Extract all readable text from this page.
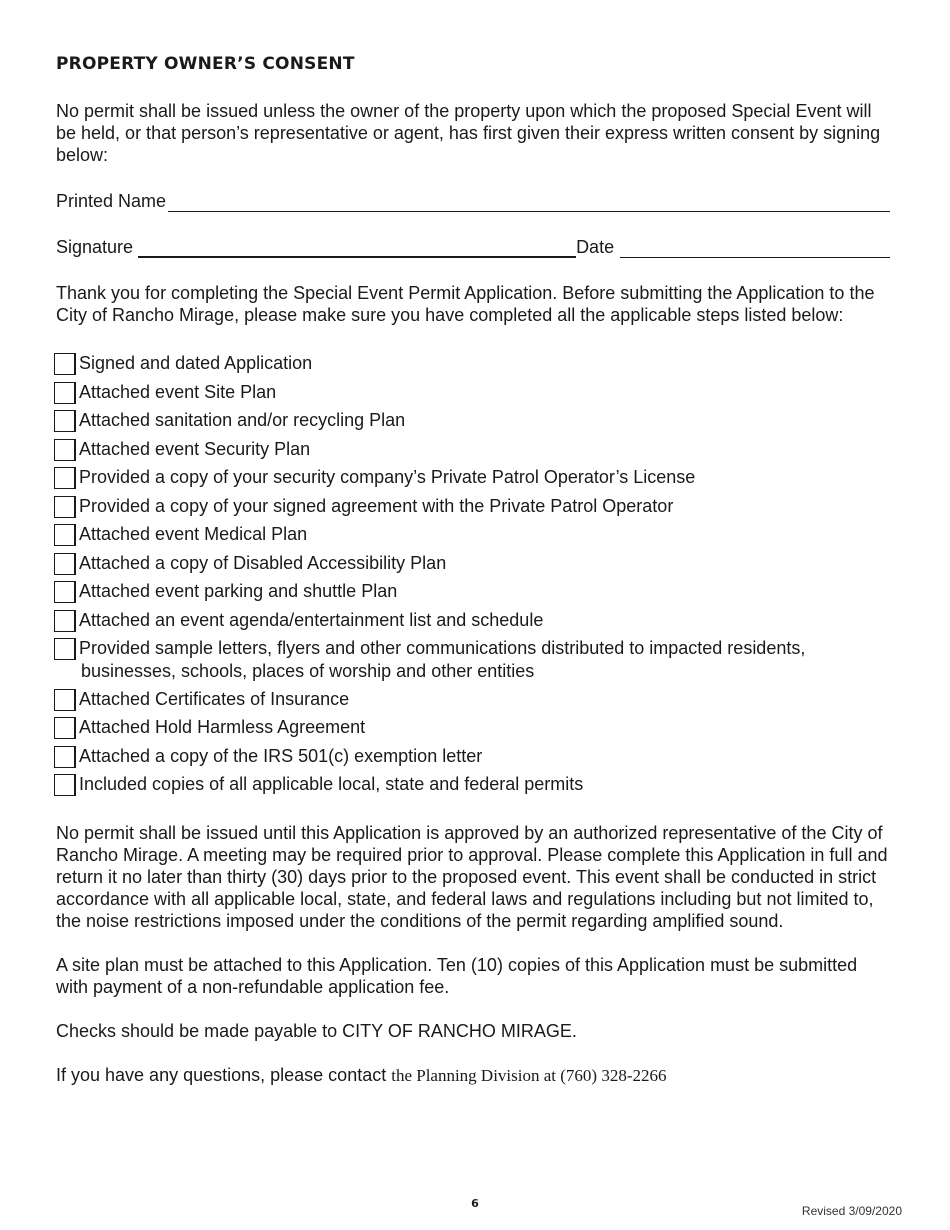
PROPERTY OWNER’S CONSENT

No permit shall be issued unless the owner of the property upon which the proposed Special Event will be held, or that person’s representative or agent, has first given their express written consent by signing below:

Printed Name
Signature	Date

Thank you for completing the Special Event Permit Application. Before submitting the Application to the City of Rancho Mirage, please make sure you have completed all the applicable steps listed below:

Signed and dated Application
Attached event Site Plan
Attached sanitation and/or recycling Plan
Attached event Security Plan
Provided a copy of your security company’s Private Patrol Operator’s License
Provided a copy of your signed agreement with the Private Patrol Operator
Attached event Medical Plan
Attached a copy of Disabled Accessibility Plan
Attached event parking and shuttle Plan
Attached an event agenda/entertainment list and schedule
Provided sample letters, flyers and other communications distributed to impacted residents,
businesses, schools, places of worship and other entities
Attached Certificates of Insurance
Attached Hold Harmless Agreement
Attached a copy of the IRS 501(c) exemption letter
Included copies of all applicable local, state and federal permits

No permit shall be issued until this Application is approved by an authorized representative of the City of Rancho Mirage. A meeting may be required prior to approval. Please complete this Application in full and return it no later than thirty (30) days prior to the proposed event. This event shall be conducted in strict accordance with all applicable local, state, and federal laws and regulations including but not limited to, the noise restrictions imposed under the conditions of the permit regarding amplified sound.

A site plan must be attached to this Application. Ten (10) copies of this Application must be submitted with payment of a non-refundable application fee.

Checks should be made payable to CITY OF RANCHO MIRAGE.

If you have any questions, please contact the Planning Division at (760) 328-2266

6
Revised 3/09/2020
